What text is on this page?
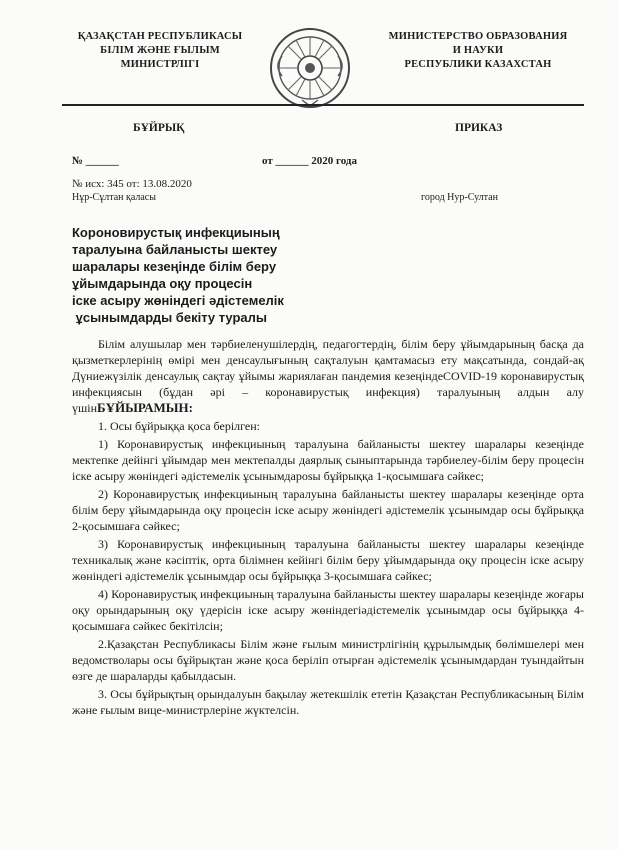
ҚАЗАҚСТАН РЕСПУБЛИКАСЫ
БІЛІМ ЖӘНЕ ҒЫЛЫМ
МИНИСТРЛІГІ
МИНИСТЕРСТВО ОБРАЗОВАНИЯ
И НАУКИ
РЕСПУБЛИКИ КАЗАХСТАН
БҰЙРЫҚ	ПРИКАЗ
№ ______	от ______ 2020 года
№ исх: 345 от: 13.08.2020
Нұр-Сұлтан қаласы	город Нур-Султан
Короновирустық инфекциының
таралуына байланысты шектеу
шаралары кезеңінде білім беру
ұйымдарында оқу процесін
іске асыру жөніндегі әдістемелік
ұсынымдарды бекіту туралы

Білім алушылар мен тәрбиеленушілердің, педагогтердің, білім беру ұйымдарының басқа да қызметкерлерінің өмірі мен денсаулығының сақталуын қамтамасыз ету мақсатында, сондай-ақ Дүниежүзілік денсаулық сақтау ұйымы жариялаған пандемия кезеңіндеCOVID-19 коронавирустық инфекциясын (бұдан әрі – коронавирустық инфекция) таралуының алдын алу үшінБҰЙЫРАМЫН:

1. Осы бұйрыққа қоса берілген:

1) Коронавирустық инфекциының таралуына байланысты шектеу шаралары кезеңінде мектепке дейінгі ұйымдар мен мектепалды даярлық сыныптарында тәрбиелеу-білім беру процесін іске асыру жөніндегі әдістемелік ұсынымдарosы бұйрыққа 1-қосымшаға сәйкес;

2) Коронавирустық инфекциының таралуына байланысты шектеу шаралары кезеңінде орта білім беру ұйымдарында оқу процесін іске асыру жөніндегі әдістемелік ұсынымдар осы бұйрыққа 2-қосымшаға сәйкес;

3) Коронавирустық инфекциының таралуына байланысты шектеу шаралары кезеңінде техникалық және кәсіптік, орта білімнен кейінгі білім беру ұйымдарында оқу процесін іске асыру жөніндегі әдістемелік ұсынымдар осы бұйрыққа 3-қосымшаға сәйкес;

4) Коронавирустық инфекциының таралуына байланысты шектеу шаралары кезеңінде жоғары оқу орындарының оқу үдерісін іске асыру жөніндегіәдістемелік ұсынымдар осы бұйрыққа 4-қосымшаға сәйкес бекітілсін;

2.Қазақстан Республикасы Білім және ғылым министрлігінің құрылымдық бөлімшелері мен ведомстволары осы бұйрықтан және қоса беріліп отырған әдістемелік ұсынымдардан туындайтын өзге де шараларды қабылдасын.

3. Осы бұйрықтың орындалуын бақылау жетекшілік ететін Қазақстан Республикасының Білім және ғылым вице-министрлеріне жүктелсін.
